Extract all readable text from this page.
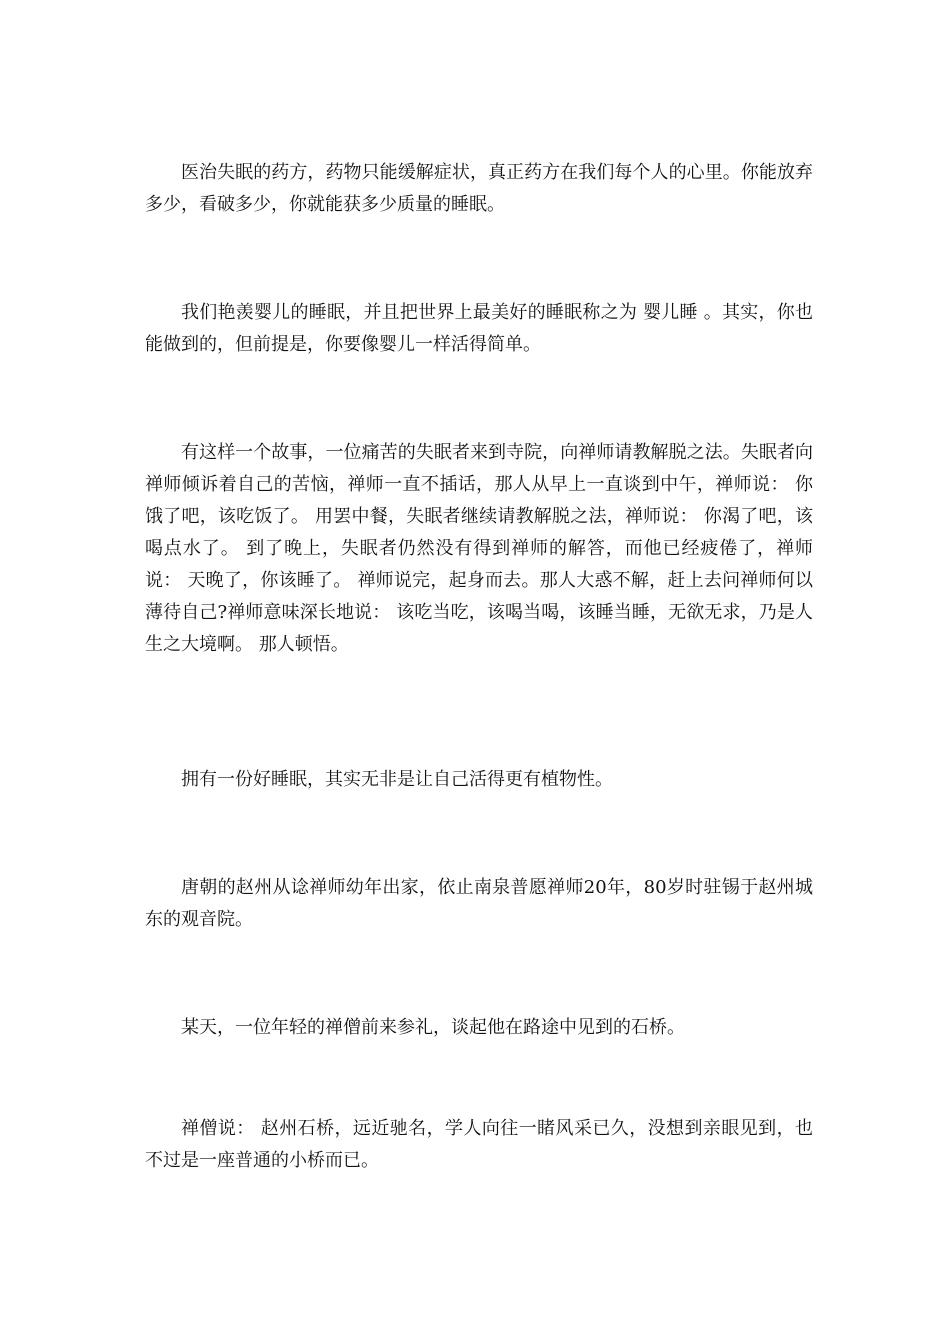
医治失眠的药方，药物只能缓解症状，真正药方在我们每个人的心里。你能放弃多少，看破多少，你就能获多少质量的睡眠。

我们艳羡婴儿的睡眠，并且把世界上最美好的睡眠称之为 婴儿睡 。其实，你也能做到的，但前提是，你要像婴儿一样活得简单。

有这样一个故事，一位痛苦的失眠者来到寺院，向禅师请教解脱之法。失眠者向禅师倾诉着自己的苦恼，禅师一直不插话，那人从早上一直谈到中午，禅师说： 你饿了吧，该吃饭了。 用罢中餐，失眠者继续请教解脱之法，禅师说： 你渴了吧，该喝点水了。 到了晚上，失眠者仍然没有得到禅师的解答，而他已经疲倦了，禅师说： 天晚了，你该睡了。 禅师说完，起身而去。那人大惑不解，赶上去问禅师何以薄待自己?禅师意味深长地说： 该吃当吃，该喝当喝，该睡当睡，无欲无求，乃是人生之大境啊。 那人顿悟。

拥有一份好睡眠，其实无非是让自己活得更有植物性。

唐朝的赵州从谂禅师幼年出家，依止南泉普愿禅师20年，80岁时驻锡于赵州城东的观音院。

某天，一位年轻的禅僧前来参礼，谈起他在路途中见到的石桥。

禅僧说： 赵州石桥，远近驰名，学人向往一睹风采已久，没想到亲眼见到，也不过是一座普通的小桥而已。
